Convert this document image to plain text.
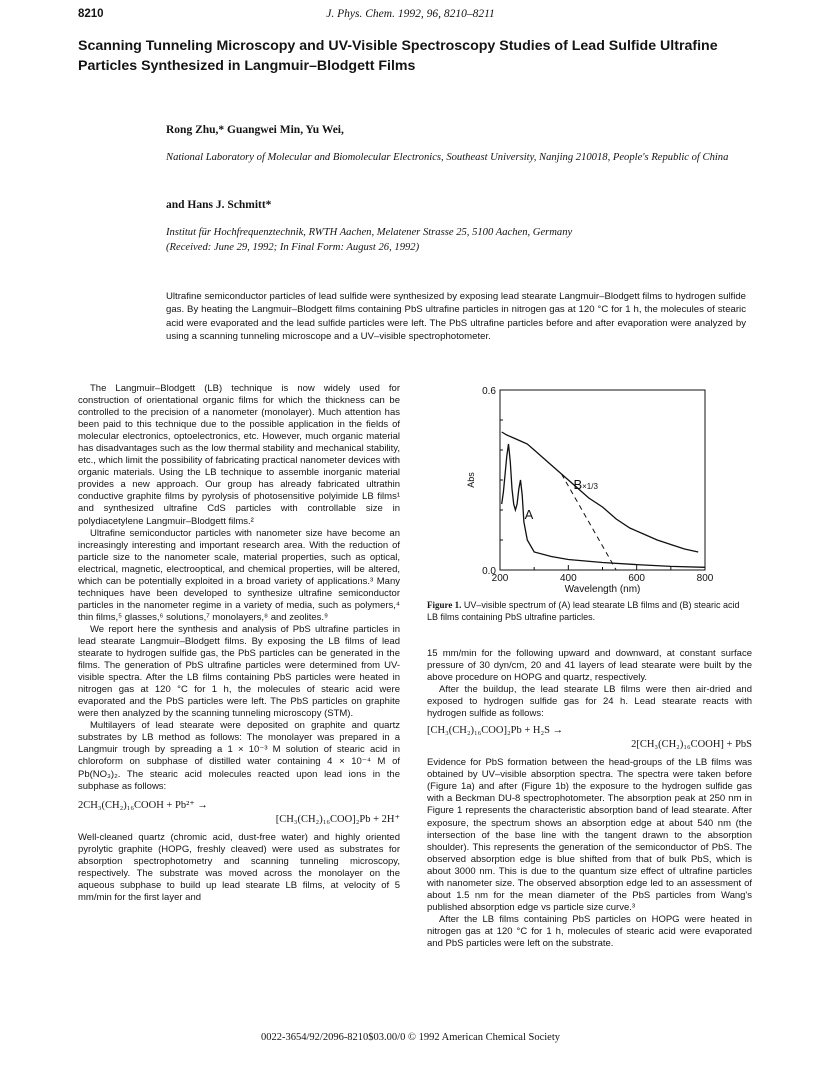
8210	J. Phys. Chem. 1992, 96, 8210–8211
Scanning Tunneling Microscopy and UV-Visible Spectroscopy Studies of Lead Sulfide Ultrafine Particles Synthesized in Langmuir–Blodgett Films
Rong Zhu,* Guangwei Min, Yu Wei,
National Laboratory of Molecular and Biomolecular Electronics, Southeast University, Nanjing 210018, People's Republic of China
and Hans J. Schmitt*
Institut für Hochfrequenztechnik, RWTH Aachen, Melatener Strasse 25, 5100 Aachen, Germany
(Received: June 29, 1992; In Final Form: August 26, 1992)
Ultrafine semiconductor particles of lead sulfide were synthesized by exposing lead stearate Langmuir–Blodgett films to hydrogen sulfide gas. By heating the Langmuir–Blodgett films containing PbS ultrafine particles in nitrogen gas at 120 °C for 1 h, the molecules of stearic acid were evaporated and the lead sulfide particles were left. The PbS ultrafine particles before and after evaporation were analyzed by using a scanning tunneling microscope and a UV–visible spectrophotometer.

The Langmuir–Blodgett (LB) technique is now widely used for construction of orientational organic films for which the thickness can be controlled to the precision of a nanometer (monolayer). Much attention has been paid to this technique due to the possible application in the fields of molecular electronics, optoelectronics, etc. However, much organic material has disadvantages such as the low thermal stability and mechanical stability, etc., which limit the possibility of fabricating practical nanometer devices with organic materials. Using the LB technique to assemble inorganic material provides a new approach. Our group has already fabricated ultrathin conductive graphite films by pyrolysis of photosensitive polyimide LB films¹ and synthesized ultrafine CdS particles with controllable size in polydiacetylene Langmuir–Blodgett films.²

Ultrafine semiconductor particles with nanometer size have become an increasingly interesting and important research area. With the reduction of particle size to the nanometer scale, material properties, such as optical, electrical, magnetic, electrooptical, and chemical properties, will be altered, which can be potentially exploited in a broad variety of applications.³ Many techniques have been developed to synthesize ultrafine semiconductor particles in the nanometer regime in a variety of media, such as polymers,⁴ thin films,⁵ glasses,⁶ solutions,⁷ monolayers,⁸ and zeolites.⁹

We report here the synthesis and analysis of PbS ultrafine particles in lead stearate Langmuir–Blodgett films. By exposing the LB films of lead stearate to hydrogen sulfide gas, the PbS particles can be generated in the films. The generation of PbS ultrafine particles were determined from UV-visible spectra. After the LB films containing PbS particles were heated in nitrogen gas at 120 °C for 1 h, the molecules of stearic acid were evaporated and the PbS particles were left. The PbS particles on graphite were then analyzed by the scanning tunneling microscopy (STM).

Multilayers of lead stearate were deposited on graphite and quartz substrates by LB method as follows: The monolayer was prepared in a Langmuir trough by spreading a 1 × 10⁻³ M solution of stearic acid in chloroform on subphase of distilled water containing 4 × 10⁻⁴ M of Pb(NO₃)₂. The stearic acid molecules reacted upon lead ions in the subphase as follows:

2CH₃(CH₂)₁₆COOH + Pb²⁺ →
[CH₃(CH₂)₁₆COO]₂Pb + 2H⁺

Well-cleaned quartz (chromic acid, dust-free water) and highly oriented pyrolytic graphite (HOPG, freshly cleaved) were used as substrates for absorption spectrophotometry and scanning tunneling microscopy, respectively. The substrate was moved across the monolayer on the aqueous subphase to build up lead stearate LB films, at velocity of 5 mm/min for the first layer and

200	400	600	800
0.0
0.6
Wavelength (nm)
Abs
A
B×1/3
Figure 1. UV–visible spectrum of (A) lead stearate LB films and (B) stearic acid LB films containing PbS ultrafine particles.

15 mm/min for the following upward and downward, at constant surface pressure of 30 dyn/cm, 20 and 41 layers of lead stearate were built by the above procedure on HOPG and quartz, respectively.

After the buildup, the lead stearate LB films were then air-dried and exposed to hydrogen sulfide gas for 24 h. Lead stearate reacts with hydrogen sulfide as follows:

[CH₃(CH₂)₁₆COO]₂Pb + H₂S →
2[CH₃(CH₂)₁₆COOH] + PbS

Evidence for PbS formation between the head-groups of the LB films was obtained by UV–visible absorption spectra. The spectra were taken before (Figure 1a) and after (Figure 1b) the exposure to the hydrogen sulfide gas with a Beckman DU-8 spectrophotometer. The absorption peak at 250 nm in Figure 1 represents the characteristic absorption band of lead stearate. After exposure, the spectrum shows an absorption edge at about 540 nm (the intersection of the base line with the tangent drawn to the absorption shoulder). This represents the generation of the semiconductor of PbS. The observed absorption edge is blue shifted from that of bulk PbS, which is about 3000 nm. This is due to the quantum size effect of ultrafine particles with nanometer size. The observed absorption edge led to an assessment of about 1.5 nm for the mean diameter of the PbS particles from Wang's published absorption edge vs particle size curve.³

After the LB films containing PbS particles on HOPG were heated in nitrogen gas at 120 °C for 1 h, molecules of stearic acid were evaporated and PbS particles were left on the substrate.

0022-3654/92/2096-8210$03.00/0 © 1992 American Chemical Society
